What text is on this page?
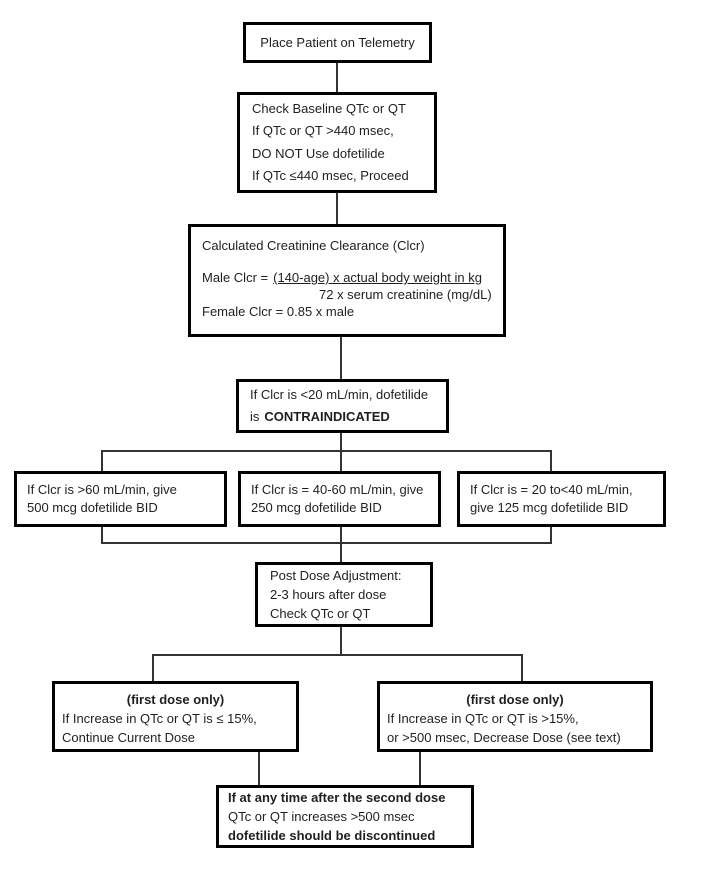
Place Patient on Telemetry
Check Baseline QTc or QT
If QTc or QT >440 msec,
DO NOT Use dofetilide
If QTc ≤440 msec, Proceed
Calculated Creatinine Clearance (Clcr)
Male Clcr = (140-age) x actual body weight in kg
72 x serum creatinine (mg/dL)
Female Clcr = 0.85 x male
If Clcr is <20 mL/min, dofetilide
is CONTRAINDICATED
If Clcr is >60 mL/min, give
500 mcg dofetilide BID
If Clcr is = 40-60 mL/min, give
250 mcg dofetilide BID
If Clcr is = 20 to<40 mL/min,
give 125 mcg dofetilide BID
Post Dose Adjustment:
2-3 hours after dose
Check QTc or QT
(first dose only)
If Increase in QTc or QT is ≤ 15%,
Continue Current Dose
(first dose only)
If Increase in QTc or QT is >15%,
or >500 msec, Decrease Dose (see text)
If at any time after the second dose
QTc or QT increases >500 msec
dofetilide should be discontinued
